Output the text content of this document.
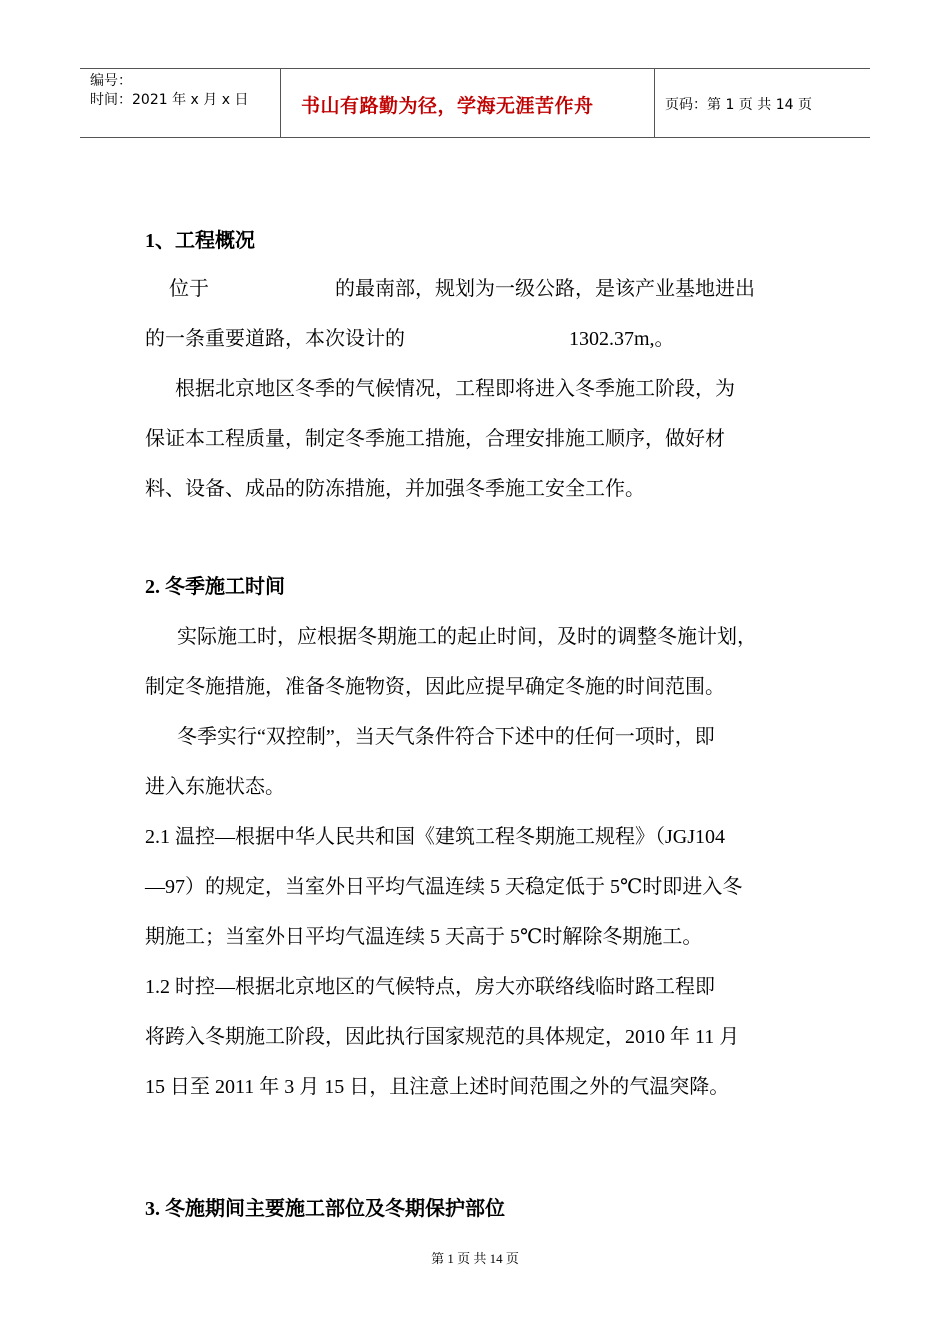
编号：
时间：2021 年 x 月 x 日	书山有路勤为径，学海无涯苦作舟	页码：第 1 页 共 14 页
1、工程概况
位于	的最南部，规划为一级公路，是该产业基地进出
的一条重要道路，本次设计的	1302.37m,。
根据北京地区冬季的气候情况，工程即将进入冬季施工阶段，为
保证本工程质量，制定冬季施工措施，合理安排施工顺序，做好材
料、设备、成品的防冻措施，并加强冬季施工安全工作。
2. 冬季施工时间
实际施工时，应根据冬期施工的起止时间，及时的调整冬施计划，
制定冬施措施，准备冬施物资，因此应提早确定冬施的时间范围。
冬季实行“双控制”，当天气条件符合下述中的任何一项时，即
进入东施状态。
2.1 温控—根据中华人民共和国《建筑工程冬期施工规程》（JGJ104
—97）的规定，当室外日平均气温连续 5 天稳定低于 5℃时即进入冬
期施工；当室外日平均气温连续 5 天高于 5℃时解除冬期施工。
1.2 时控—根据北京地区的气候特点，房大亦联络线临时路工程即
将跨入冬期施工阶段，因此执行国家规范的具体规定，2010 年 11 月
15 日至 2011 年 3 月 15 日，且注意上述时间范围之外的气温突降。
3. 冬施期间主要施工部位及冬期保护部位
第 1 页 共 14 页
